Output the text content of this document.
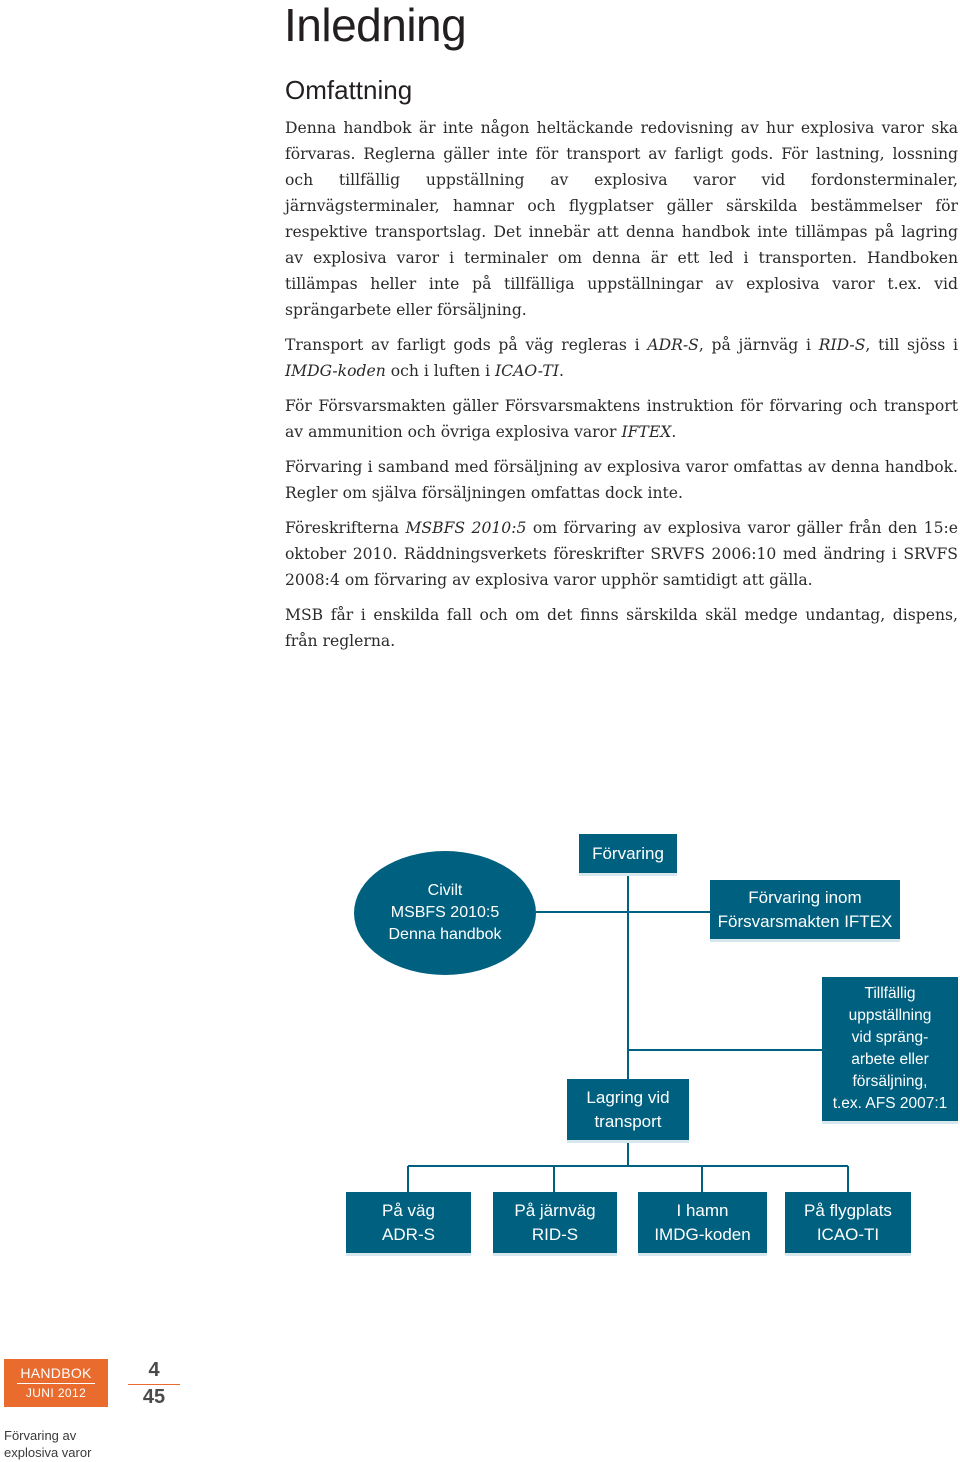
Inledning
Omfattning

Denna handbok är inte någon heltäckande redovisning av hur explosiva varor ska förvaras. Reglerna gäller inte för transport av farligt gods. För lastning, lossning och tillfällig uppställning av explosiva varor vid fordonsterminaler, järnvägsterminaler, hamnar och flygplatser gäller särskilda bestämmelser för respektive transportslag. Det innebär att denna handbok inte tillämpas på lagring av explosiva varor i terminaler om denna är ett led i transporten. Handboken tillämpas heller inte på tillfälliga uppställningar av explosiva varor t.ex. vid sprängarbete eller försäljning.

Transport av farligt gods på väg regleras i ADR-S, på järnväg i RID-S, till sjöss i IMDG-koden och i luften i ICAO-TI.

För Försvarsmakten gäller Försvarsmaktens instruktion för förvaring och transport av ammunition och övriga explosiva varor IFTEX.

Förvaring i samband med försäljning av explosiva varor omfattas av denna handbok. Regler om själva försäljningen omfattas dock inte.

Föreskrifterna MSBFS 2010:5 om förvaring av explosiva varor gäller från den 15:e oktober 2010. Räddningsverkets föreskrifter SRVFS 2006:10 med ändring i SRVFS 2008:4 om förvaring av explosiva varor upphör samtidigt att gälla.

MSB får i enskilda fall och om det finns särskilda skäl medge undantag, dispens, från reglerna.

Förvaring
Civilt
MSBFS 2010:5
Denna handbok
Förvaring inom
Försvarsmakten IFTEX
Tillfällig
uppställning
vid spräng-
arbete eller
försäljning,
t.ex. AFS 2007:1
Lagring vid
transport
På väg
ADR-S
På järnväg
RID-S
I hamn
IMDG-koden
På flygplats
ICAO-TI
HANDBOK
JUNI 2012
4
45
Förvaring av
explosiva varor
